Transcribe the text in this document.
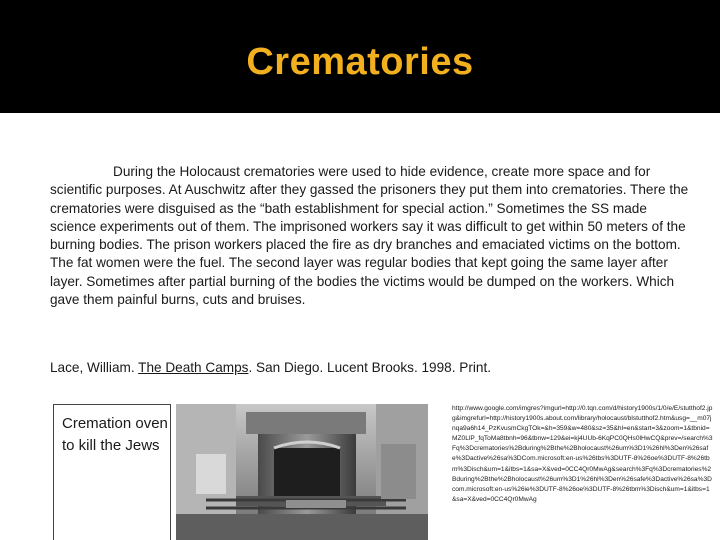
Crematories

During the Holocaust crematories were used to hide evidence, create more space and for scientific purposes. At Auschwitz after they gassed the prisoners they put them into crematories. There the crematories were disguised as the “bath establishment for special action.” Sometimes the SS made science experiments out of them. The imprisoned workers say it was difficult to get within 50 meters of the burning bodies. The prison workers placed the fire as dry branches and emaciated victims on the bottom. The fat women were the fuel. The second layer was regular bodies that kept going the same layer after layer. Sometimes after partial burning of the bodies the victims would be dumped on the workers. Which gave them painful burns, cuts and bruises.

Lace, William. The Death Camps. San Diego. Lucent Brooks. 1998. Print.

Cremation oven to kill the Jews

http://www.google.com/imgres?imgurl=http://0.tqn.com/d/history1900s/1/0/e/E/stutthof2.jpg&imgrefurl=http://history1900s.about.com/library/holocaust/blstutthof2.htm&usg=__m07jnqa9a6h14_PzKvusmCkgTOk=&h=359&w=480&sz=35&hl=en&start=3&zoom=1&tbnid=MZ0LlP_fqToMa8tbnh=96&tbnw=129&ei=kj4UUb-6KqPC0QHs0lHwCQ&prev=/search%3Fq%3Dcrematories%2Bduring%2Bthe%2Bholocaust%26um%3D1%26hl%3Den%26safe%3Dactive%26sa%3DCom.microsoft:en-us%26tbs%3DUTF-8%26oe%3DUTF-8%26tbm%3Disch&um=1&itbs=1&sa=X&ved=0CC4Qr0MwAg&search%3Fq%3Dcrematories%2Bduring%2Bthe%2Bholocaust%26um%3D1%26hl%3Den%26safe%3Dactive%26sa%3Dcom.microsoft:en-us%26ie%3DUTF-8%26oe%3DUTF-8%26tbm%3Disch&um=1&itbs=1&sa=X&ved=0CC4Qr0MwAg
